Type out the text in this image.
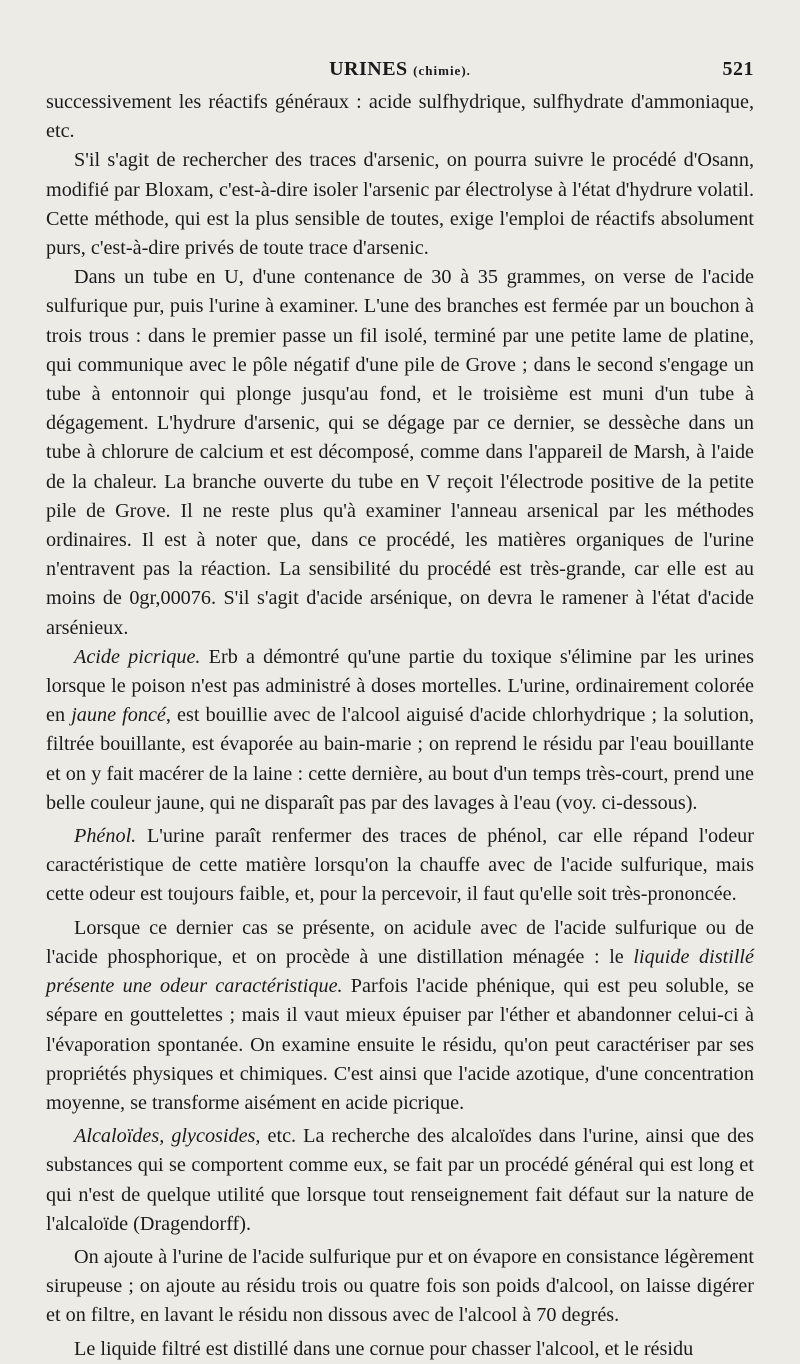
URINES (chimie).	521

successivement les réactifs généraux : acide sulfhydrique, sulfhydrate d'ammoniaque, etc.

S'il s'agit de rechercher des traces d'arsenic, on pourra suivre le procédé d'Osann, modifié par Bloxam, c'est-à-dire isoler l'arsenic par électrolyse à l'état d'hydrure volatil. Cette méthode, qui est la plus sensible de toutes, exige l'emploi de réactifs absolument purs, c'est-à-dire privés de toute trace d'arsenic.

Dans un tube en U, d'une contenance de 30 à 35 grammes, on verse de l'acide sulfurique pur, puis l'urine à examiner. L'une des branches est fermée par un bouchon à trois trous : dans le premier passe un fil isolé, terminé par une petite lame de platine, qui communique avec le pôle négatif d'une pile de Grove ; dans le second s'engage un tube à entonnoir qui plonge jusqu'au fond, et le troisième est muni d'un tube à dégagement. L'hydrure d'arsenic, qui se dégage par ce dernier, se dessèche dans un tube à chlorure de calcium et est décomposé, comme dans l'appareil de Marsh, à l'aide de la chaleur. La branche ouverte du tube en V reçoit l'électrode positive de la petite pile de Grove. Il ne reste plus qu'à examiner l'anneau arsenical par les méthodes ordinaires. Il est à noter que, dans ce procédé, les matières organiques de l'urine n'entravent pas la réaction. La sensibilité du procédé est très-grande, car elle est au moins de 0gr,00076. S'il s'agit d'acide arsénique, on devra le ramener à l'état d'acide arsénieux.

Acide picrique. Erb a démontré qu'une partie du toxique s'élimine par les urines lorsque le poison n'est pas administré à doses mortelles. L'urine, ordinairement colorée en jaune foncé, est bouillie avec de l'alcool aiguisé d'acide chlorhydrique ; la solution, filtrée bouillante, est évaporée au bain-marie ; on reprend le résidu par l'eau bouillante et on y fait macérer de la laine : cette dernière, au bout d'un temps très-court, prend une belle couleur jaune, qui ne disparaît pas par des lavages à l'eau (voy. ci-dessous).

Phénol. L'urine paraît renfermer des traces de phénol, car elle répand l'odeur caractéristique de cette matière lorsqu'on la chauffe avec de l'acide sulfurique, mais cette odeur est toujours faible, et, pour la percevoir, il faut qu'elle soit très-prononcée.

Lorsque ce dernier cas se présente, on acidule avec de l'acide sulfurique ou de l'acide phosphorique, et on procède à une distillation ménagée : le liquide distillé présente une odeur caractéristique. Parfois l'acide phénique, qui est peu soluble, se sépare en gouttelettes ; mais il vaut mieux épuiser par l'éther et abandonner celui-ci à l'évaporation spontanée. On examine ensuite le résidu, qu'on peut caractériser par ses propriétés physiques et chimiques. C'est ainsi que l'acide azotique, d'une concentration moyenne, se transforme aisément en acide picrique.

Alcaloïdes, glycosides, etc. La recherche des alcaloïdes dans l'urine, ainsi que des substances qui se comportent comme eux, se fait par un procédé général qui est long et qui n'est de quelque utilité que lorsque tout renseignement fait défaut sur la nature de l'alcaloïde (Dragendorff).

On ajoute à l'urine de l'acide sulfurique pur et on évapore en consistance légèrement sirupeuse ; on ajoute au résidu trois ou quatre fois son poids d'alcool, on laisse digérer et on filtre, en lavant le résidu non dissous avec de l'alcool à 70 degrés.

Le liquide filtré est distillé dans une cornue pour chasser l'alcool, et le résidu
